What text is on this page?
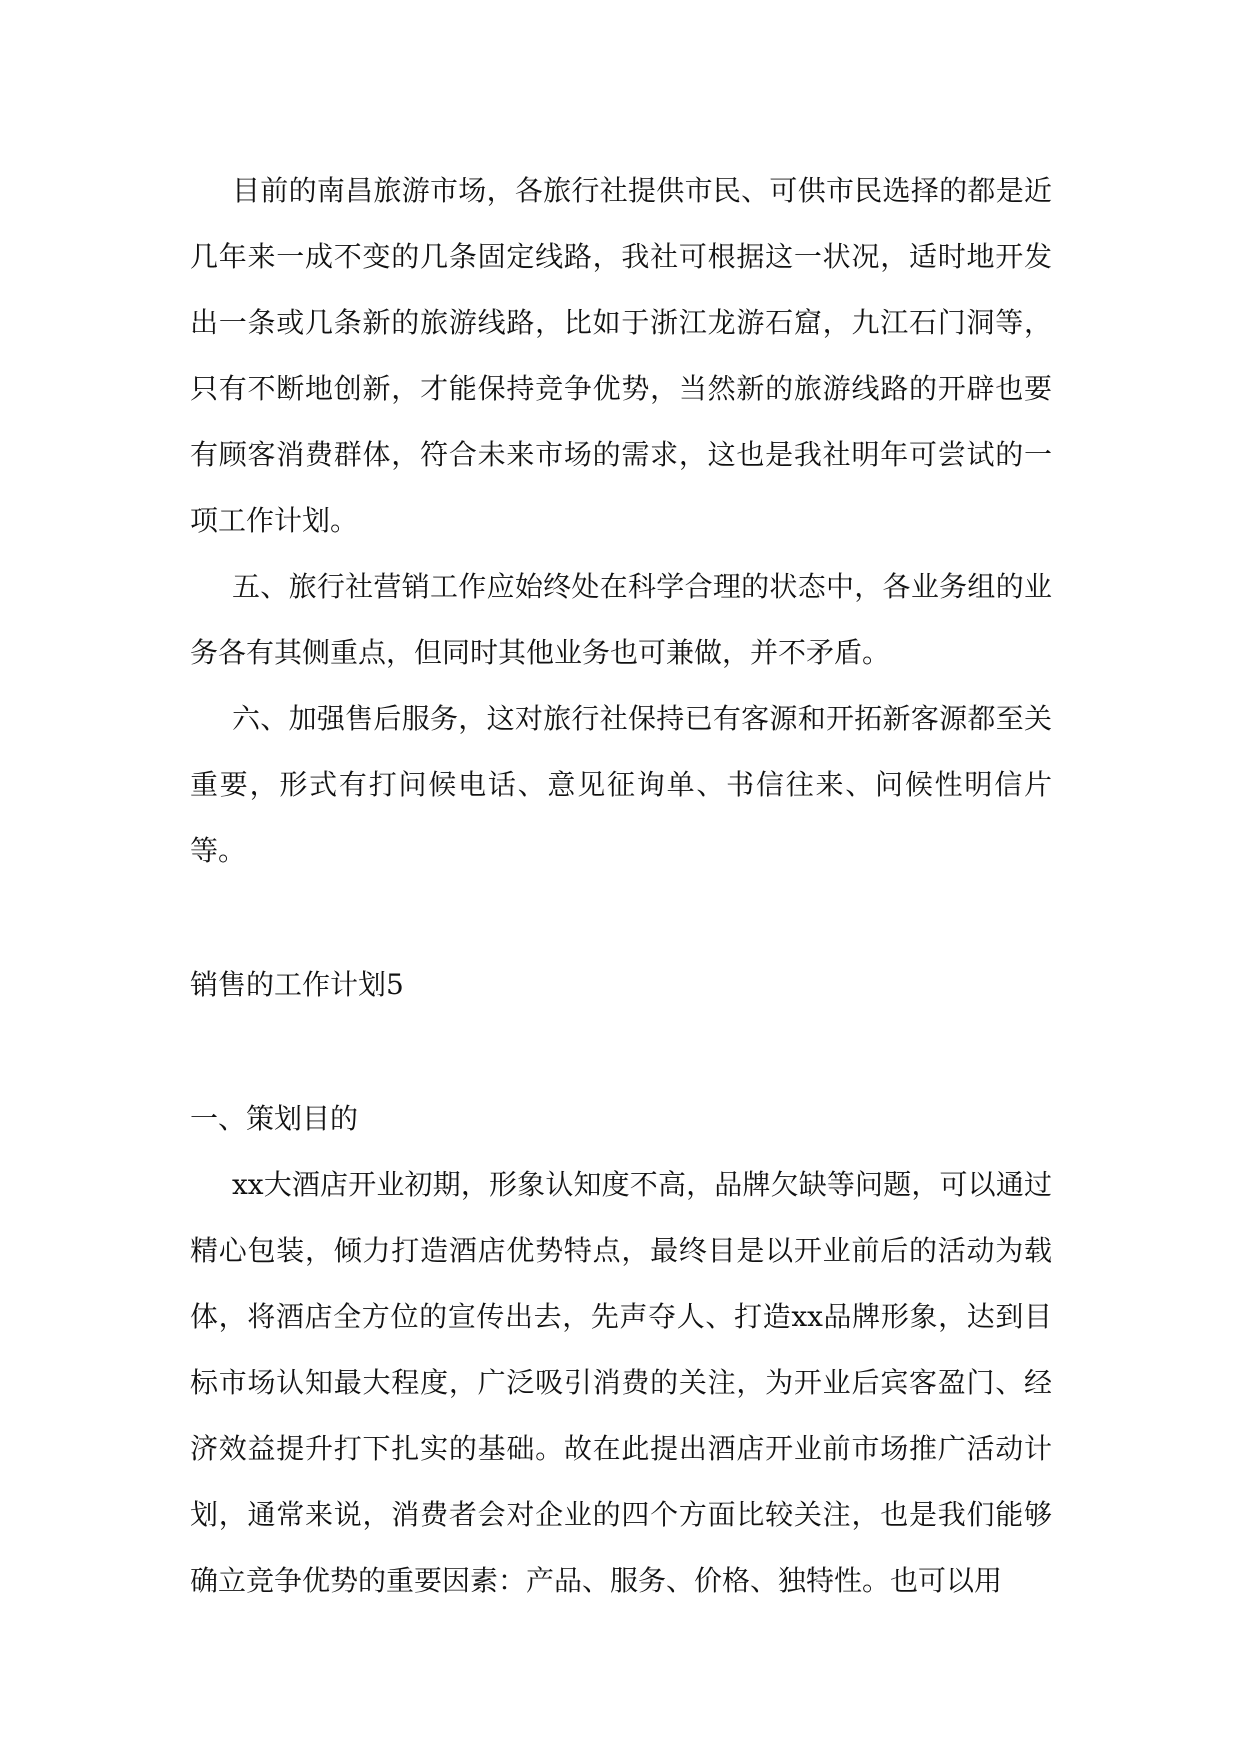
目前的南昌旅游市场，各旅行社提供市民、可供市民选择的都是近几年来一成不变的几条固定线路，我社可根据这一状况，适时地开发出一条或几条新的旅游线路，比如于浙江龙游石窟，九江石门洞等，只有不断地创新，才能保持竞争优势，当然新的旅游线路的开辟也要有顾客消费群体，符合未来市场的需求，这也是我社明年可尝试的一项工作计划。

五、旅行社营销工作应始终处在科学合理的状态中，各业务组的业务各有其侧重点，但同时其他业务也可兼做，并不矛盾。

六、加强售后服务，这对旅行社保持已有客源和开拓新客源都至关重要，形式有打问候电话、意见征询单、书信往来、问候性明信片等。

销售的工作计划5

一、策划目的

xx大酒店开业初期，形象认知度不高，品牌欠缺等问题，可以通过精心包装，倾力打造酒店优势特点，最终目是以开业前后的活动为载体，将酒店全方位的宣传出去，先声夺人、打造xx品牌形象，达到目标市场认知最大程度，广泛吸引消费的关注，为开业后宾客盈门、经济效益提升打下扎实的基础。故在此提出酒店开业前市场推广活动计划，通常来说，消费者会对企业的四个方面比较关注，也是我们能够确立竞争优势的重要因素：产品、服务、价格、独特性。也可以用
